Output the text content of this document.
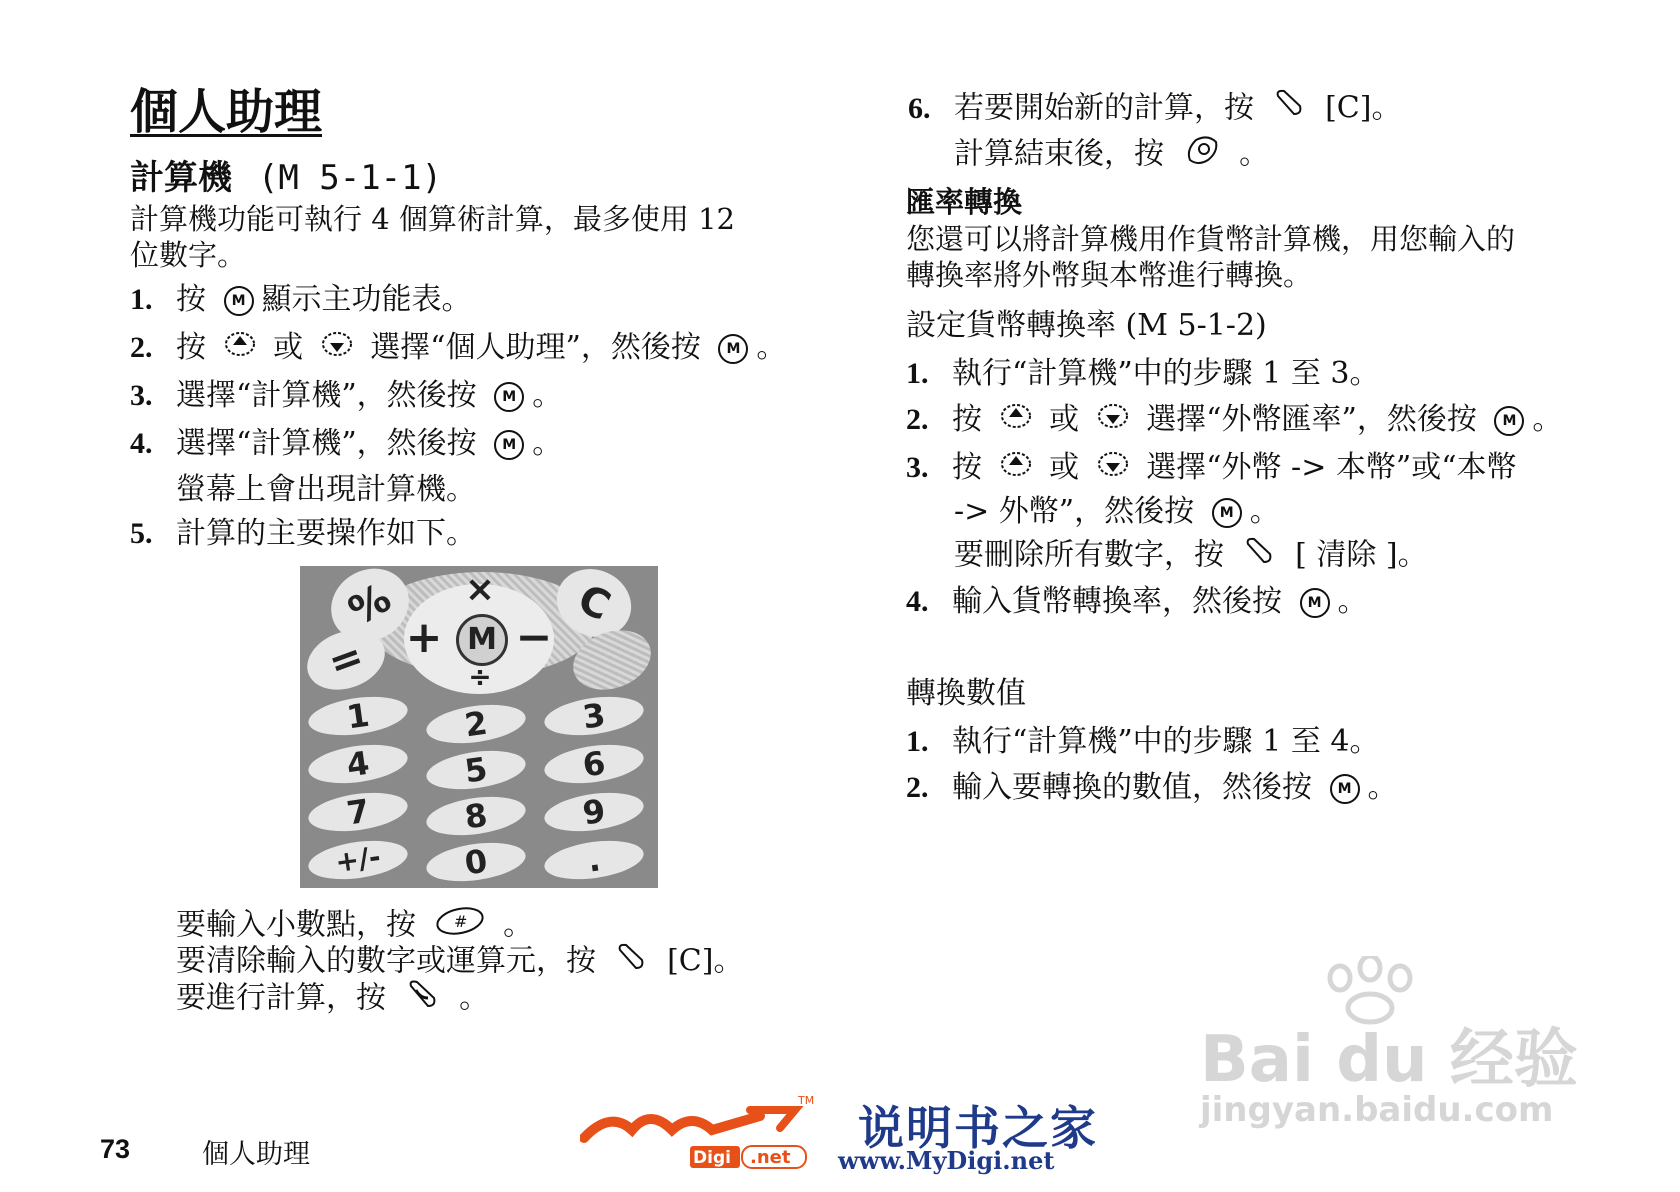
個人助理
計算機 (M 5-1-1)
計算機功能可執行 4 個算術計算，最多使用 12
位數字。
1. 按 M 顯示主功能表。
2. 按 或 選擇“個人助理”，然後按 M 。
3. 選擇“計算機”，然後按 M 。
4. 選擇“計算機”，然後按 M 。
螢幕上會出現計算機。
5. 計算的主要操作如下。
%	C
×
+ −
M
÷
=
1	2	3
4	5	6
7	8	9
+/-	0	.
要輸入小數點，按 # 。
要清除輸入的數字或運算元，按 [C]。
要進行計算，按 。
6. 若要開始新的計算，按 [C]。
計算結束後，按	。
匯率轉換
您還可以將計算機用作貨幣計算機，用您輸入的
轉換率將外幣與本幣進行轉換。
設定貨幣轉換率 (M 5-1-2)
1. 執行“計算機”中的步驟 1 至 3。
2. 按 或 選擇“外幣匯率”，然後按 M 。
3. 按 或 選擇“外幣 -> 本幣”或“本幣
-> 外幣”，然後按 M 。
要刪除所有數字，按 [ 清除 ]。
4. 輸入貨幣轉換率，然後按 M 。
轉換數值
1. 執行“計算機”中的步驟 1 至 4。
2. 輸入要轉換的數值，然後按 M 。
73	個人助理
TM
Digi .net
说明书之家
www.MyDigi.net
Bai du 经验
jingyan.baidu.com
